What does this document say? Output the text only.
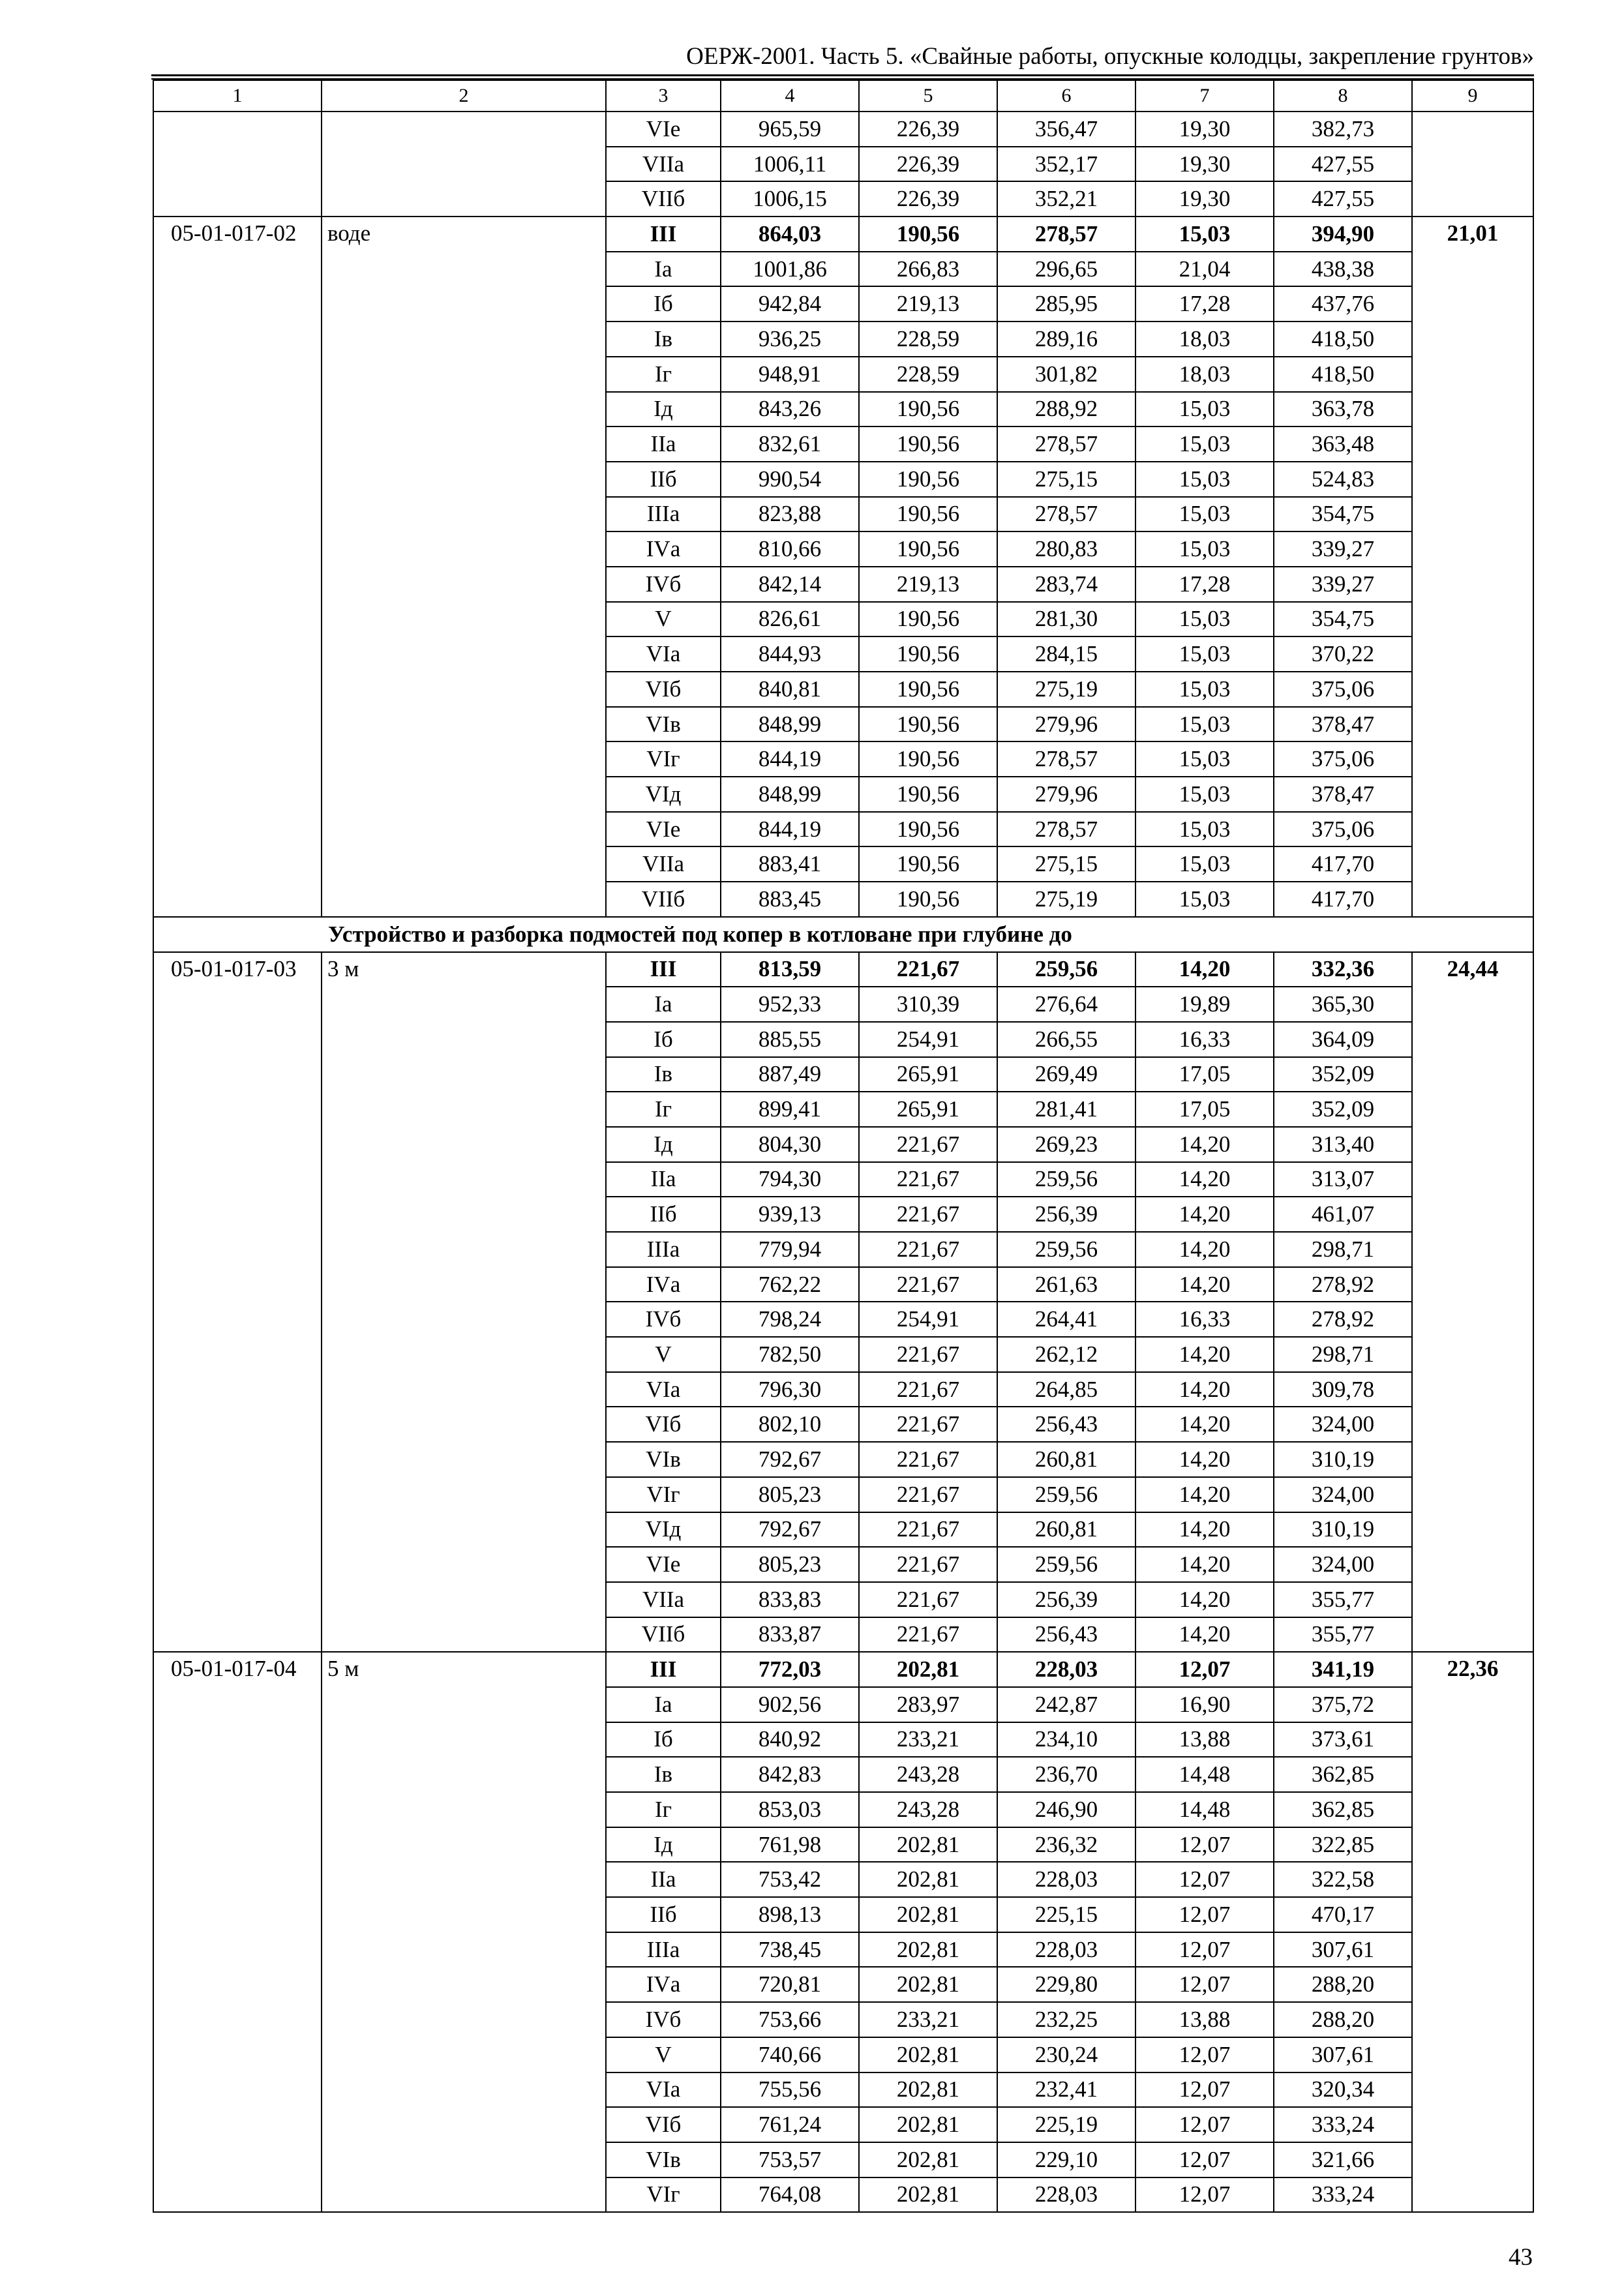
ОЕРЖ-2001. Часть 5. «Свайные работы, опускные колодцы, закрепление грунтов»
1	2	3	4	5	6	7	8	9
		VIе	965,59	226,39	356,47	19,30	382,73	
		VIIа	1006,11	226,39	352,17	19,30	427,55	
		VIIб	1006,15	226,39	352,21	19,30	427,55	
05-01-017-02	воде	III	864,03	190,56	278,57	15,03	394,90	21,01
		Iа	1001,86	266,83	296,65	21,04	438,38	
		Iб	942,84	219,13	285,95	17,28	437,76	
		Iв	936,25	228,59	289,16	18,03	418,50	
		Iг	948,91	228,59	301,82	18,03	418,50	
		Iд	843,26	190,56	288,92	15,03	363,78	
		IIа	832,61	190,56	278,57	15,03	363,48	
		IIб	990,54	190,56	275,15	15,03	524,83	
		IIIа	823,88	190,56	278,57	15,03	354,75	
		IVа	810,66	190,56	280,83	15,03	339,27	
		IVб	842,14	219,13	283,74	17,28	339,27	
		V	826,61	190,56	281,30	15,03	354,75	
		VIа	844,93	190,56	284,15	15,03	370,22	
		VIб	840,81	190,56	275,19	15,03	375,06	
		VIв	848,99	190,56	279,96	15,03	378,47	
		VIг	844,19	190,56	278,57	15,03	375,06	
		VIд	848,99	190,56	279,96	15,03	378,47	
		VIе	844,19	190,56	278,57	15,03	375,06	
		VIIа	883,41	190,56	275,15	15,03	417,70	
		VIIб	883,45	190,56	275,19	15,03	417,70	
Устройство и разборка подмостей под копер в котловане при глубине до								
05-01-017-03	3 м	III	813,59	221,67	259,56	14,20	332,36	24,44
		Iа	952,33	310,39	276,64	19,89	365,30	
		Iб	885,55	254,91	266,55	16,33	364,09	
		Iв	887,49	265,91	269,49	17,05	352,09	
		Iг	899,41	265,91	281,41	17,05	352,09	
		Iд	804,30	221,67	269,23	14,20	313,40	
		IIа	794,30	221,67	259,56	14,20	313,07	
		IIб	939,13	221,67	256,39	14,20	461,07	
		IIIа	779,94	221,67	259,56	14,20	298,71	
		IVа	762,22	221,67	261,63	14,20	278,92	
		IVб	798,24	254,91	264,41	16,33	278,92	
		V	782,50	221,67	262,12	14,20	298,71	
		VIа	796,30	221,67	264,85	14,20	309,78	
		VIб	802,10	221,67	256,43	14,20	324,00	
		VIв	792,67	221,67	260,81	14,20	310,19	
		VIг	805,23	221,67	259,56	14,20	324,00	
		VIд	792,67	221,67	260,81	14,20	310,19	
		VIе	805,23	221,67	259,56	14,20	324,00	
		VIIа	833,83	221,67	256,39	14,20	355,77	
		VIIб	833,87	221,67	256,43	14,20	355,77	
05-01-017-04	5 м	III	772,03	202,81	228,03	12,07	341,19	22,36
		Iа	902,56	283,97	242,87	16,90	375,72	
		Iб	840,92	233,21	234,10	13,88	373,61	
		Iв	842,83	243,28	236,70	14,48	362,85	
		Iг	853,03	243,28	246,90	14,48	362,85	
		Iд	761,98	202,81	236,32	12,07	322,85	
		IIа	753,42	202,81	228,03	12,07	322,58	
		IIб	898,13	202,81	225,15	12,07	470,17	
		IIIа	738,45	202,81	228,03	12,07	307,61	
		IVа	720,81	202,81	229,80	12,07	288,20	
		IVб	753,66	233,21	232,25	13,88	288,20	
		V	740,66	202,81	230,24	12,07	307,61	
		VIа	755,56	202,81	232,41	12,07	320,34	
		VIб	761,24	202,81	225,19	12,07	333,24	
		VIв	753,57	202,81	229,10	12,07	321,66	
		VIг	764,08	202,81	228,03	12,07	333,24	
43
